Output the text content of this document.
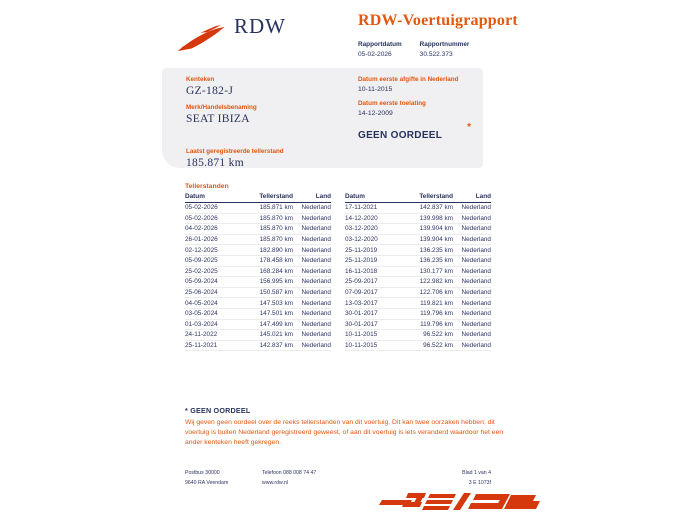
RDW	RDW-Voertuigrapport
Rapportdatum
05-02-2026
Rapportnummer
30.522.373
Kenteken
GZ-182-J
Merk/Handelsbenaming
SEAT IBIZA
Laatst geregistreerde tellerstand
185.871 km
Datum eerste afgifte in Nederland
10-11-2015
Datum eerste toelating
14-12-2009
GEEN OORDEEL
*
Tellerstanden
Datum	Tellerstand	Land
05-02-2026	185.871 km	Nederland
05-02-2026	185.870 km	Nederland
04-02-2026	185.870 km	Nederland
26-01-2026	185.870 km	Nederland
02-12-2025	182.890 km	Nederland
05-09-2025	178.458 km	Nederland
25-02-2025	168.284 km	Nederland
05-09-2024	156.995 km	Nederland
25-06-2024	150.587 km	Nederland
04-05-2024	147.503 km	Nederland
03-05-2024	147.501 km	Nederland
01-03-2024	147.499 km	Nederland
24-11-2022	145.021 km	Nederland
25-11-2021	142.837 km	Nederland
Datum	Tellerstand	Land
17-11-2021	142.837 km	Nederland
14-12-2020	139.998 km	Nederland
03-12-2020	139.904 km	Nederland
03-12-2020	139.904 km	Nederland
25-11-2019	136.235 km	Nederland
25-11-2019	136.235 km	Nederland
16-11-2018	130.177 km	Nederland
25-09-2017	122.982 km	Nederland
07-09-2017	122.706 km	Nederland
13-03-2017	119.821 km	Nederland
30-01-2017	119.796 km	Nederland
30-01-2017	119.796 km	Nederland
10-11-2015	96.522 km	Nederland
10-11-2015	96.522 km	Nederland
* GEEN OORDEEL
Wij geven geen oordeel over de reeks tellerstanden van dit voertuig. Dit kan twee oorzaken hebben: dit voertuig is buiten Nederland geregistreerd geweest, of aan dit voertuig is iets veranderd waardoor het een ander kenteken heeft gekregen.
Postbus 30000
9640 RA Veendam
Telefoon 088 008 74 47
www.rdw.nl
Blad 1 van 4
3 E 1073f
